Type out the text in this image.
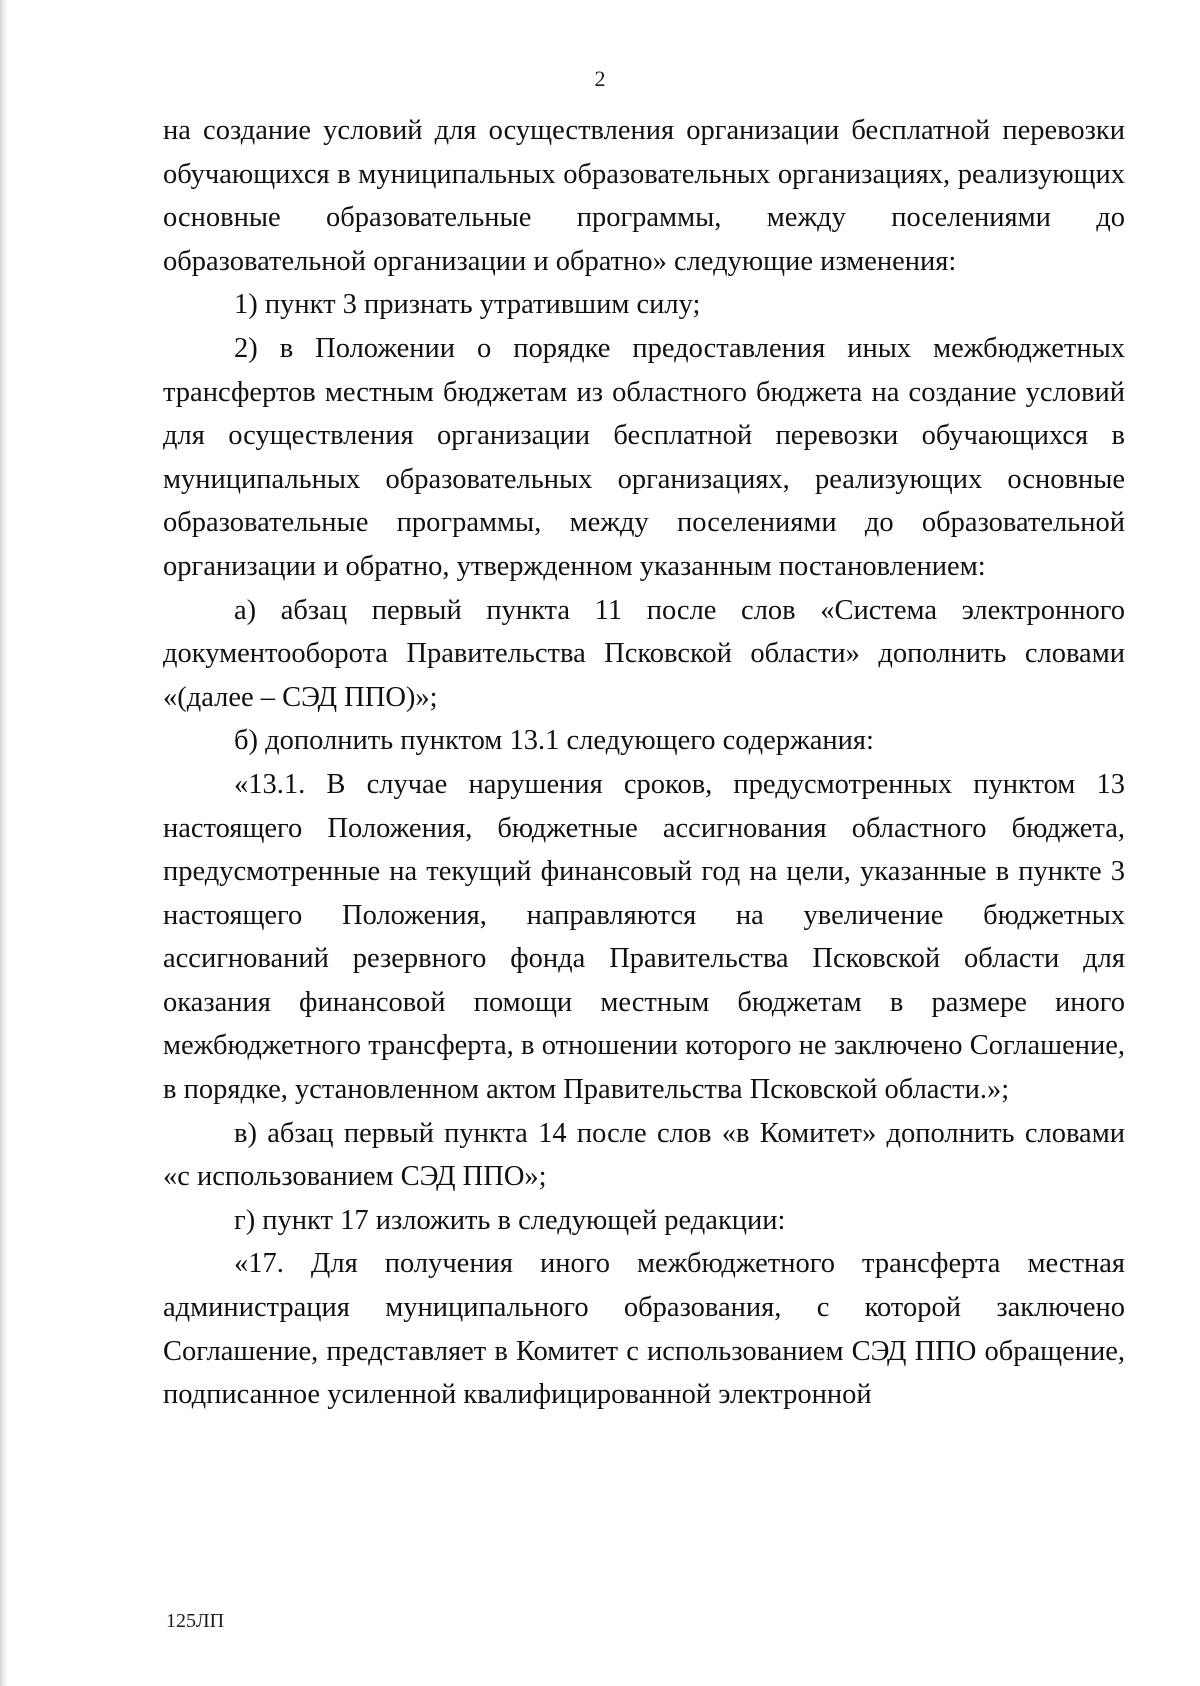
2

на создание условий для осуществления организации бесплатной перевозки обучающихся в муниципальных образовательных организациях, реализующих основные образовательные программы, между поселениями до образовательной организации и обратно» следующие изменения:

1) пункт 3 признать утратившим силу;

2) в Положении о порядке предоставления иных межбюджетных трансфертов местным бюджетам из областного бюджета на создание условий для осуществления организации бесплатной перевозки обучающихся в муниципальных образовательных организациях, реализующих основные образовательные программы, между поселениями до образовательной организации и обратно, утвержденном указанным постановлением:

а) абзац первый пункта 11 после слов «Система электронного документооборота Правительства Псковской области» дополнить словами «(далее – СЭД ППО)»;

б) дополнить пунктом 13.1 следующего содержания:

«13.1. В случае нарушения сроков, предусмотренных пунктом 13 настоящего Положения, бюджетные ассигнования областного бюджета, предусмотренные на текущий финансовый год на цели, указанные в пункте 3 настоящего Положения, направляются на увеличение бюджетных ассигнований резервного фонда Правительства Псковской области для оказания финансовой помощи местным бюджетам в размере иного межбюджетного трансферта, в отношении которого не заключено Соглашение, в порядке, установленном актом Правительства Псковской области.»;

в) абзац первый пункта 14 после слов «в Комитет» дополнить словами «с использованием СЭД ППО»;

г) пункт 17 изложить в следующей редакции:

«17. Для получения иного межбюджетного трансферта местная администрация муниципального образования, с которой заключено Соглашение, представляет в Комитет с использованием СЭД ППО обращение, подписанное усиленной квалифицированной электронной

125ЛП
